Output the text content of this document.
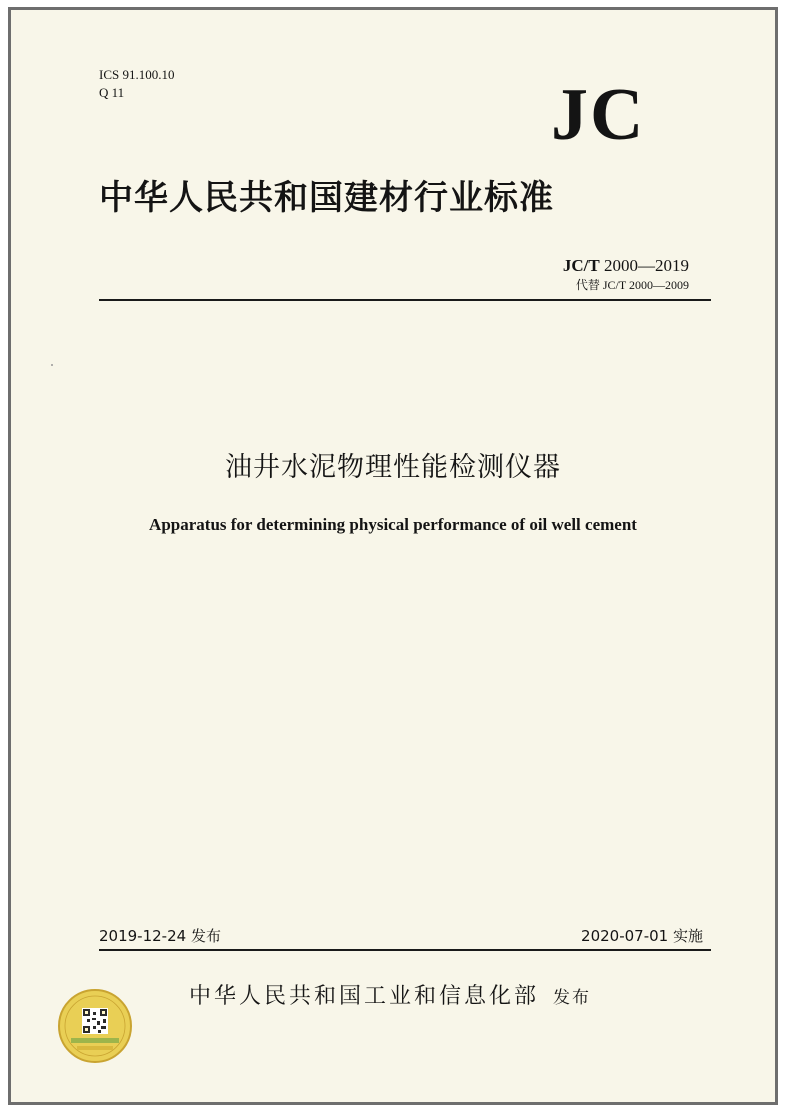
ICS 91.100.10
Q 11	JC
中华人民共和国建材行业标准
JC/T 2000—2019
代替 JC/T 2000—2009
油井水泥物理性能检测仪器
Apparatus for determining physical performance of oil well cement
2019-12-24 发布	2020-07-01 实施
中华人民共和国工业和信息化部 发布
